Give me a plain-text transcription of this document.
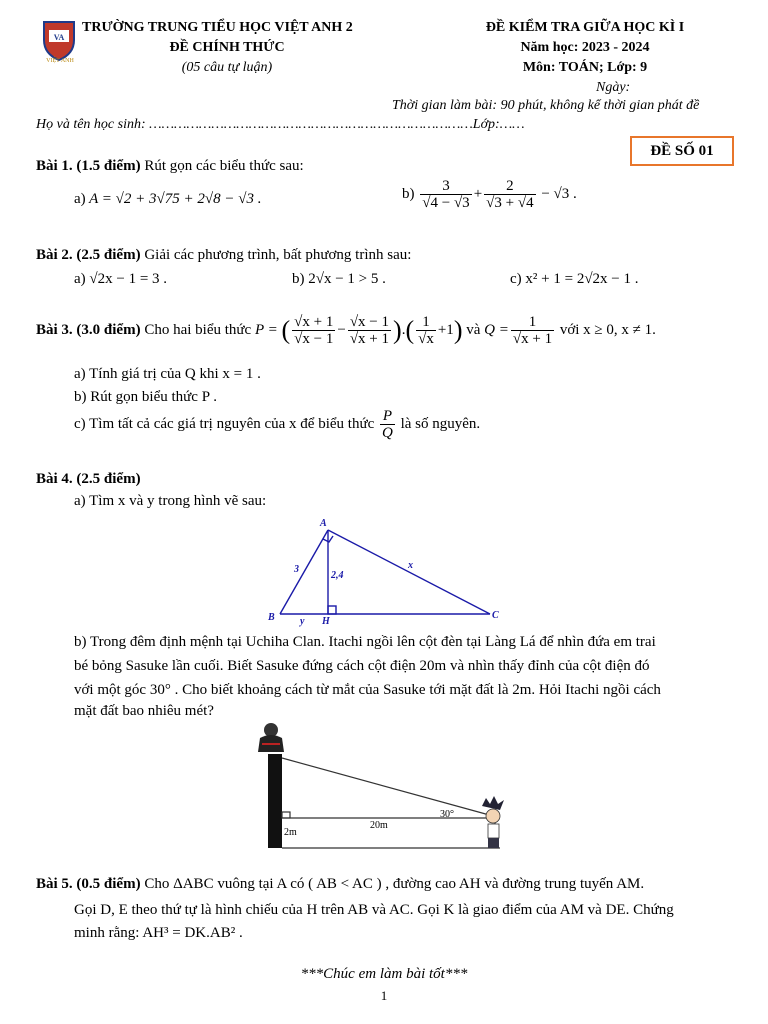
VA
VIỆT ANH
TRƯỜNG TRUNG TIỂU HỌC VIỆT ANH 2
ĐỀ CHÍNH THỨC
(05 câu tự luận)
ĐỀ KIỂM TRA GIỮA HỌC KÌ I
Năm học: 2023 - 2024
Môn: TOÁN; Lớp: 9
Ngày:
Thời gian làm bài: 90 phút, không kể thời gian phát đề
Họ và tên học sinh: ……………………………………………………………………Lớp:……
ĐỀ SỐ 01
Bài 1. (1.5 điểm) Rút gọn các biểu thức sau:
a) A = √2 + 3√75 + 2√8 − √3 .	$b) \frac{3}{√4 - √3} + \frac{2}{√3 + √4} - √3$ .
Bài 2. (2.5 điểm) Giải các phương trình, bất phương trình sau:
a) √2x − 1 = 3 .	b) 2√x − 1 > 5 .	c) x² + 1 = 2√2x − 1 .
Bài 3. (3.0 điểm) Cho hai biểu thức P = ( $\frac{√x + 1}{√x - 1} - \frac{√x - 1}{√x + 1}$ ).( $\frac{1}{√x} +1$) và $Q = \frac{1}{√x + 1}$ với x ≥ 0, x ≠ 1.
a) Tính giá trị của Q khi x = 1 .
b) Rút gọn biểu thức P .
c) Tìm tất cả các giá trị nguyên của x để biểu thức $\frac{P}{Q}$ là số nguyên.
Bài 4. (2.5 điểm)
a) Tìm x và y trong hình vẽ sau:
A
B	C
H
3
2,4
x
y
b) Trong đêm định mệnh tại Uchiha Clan. Itachi ngồi lên cột đèn tại Làng Lá để nhìn đứa em trai
bé bỏng Sasuke lần cuối. Biết Sasuke đứng cách cột điện 20m và nhìn thấy đỉnh của cột điện đó
với một góc 30° . Cho biết khoảng cách từ mắt của Sasuke tới mặt đất là 2m. Hỏi Itachi ngồi cách
mặt đất bao nhiêu mét?
2m
20m
30°
Bài 5. (0.5 điểm) Cho ΔABC vuông tại A có ( AB < AC ) , đường cao AH và đường trung tuyến AM.
Gọi D, E theo thứ tự là hình chiếu của H trên AB và AC. Gọi K là giao điểm của AM và DE. Chứng
minh rằng: AH³ = DK.AB² .
***Chúc em làm bài tốt***
1
